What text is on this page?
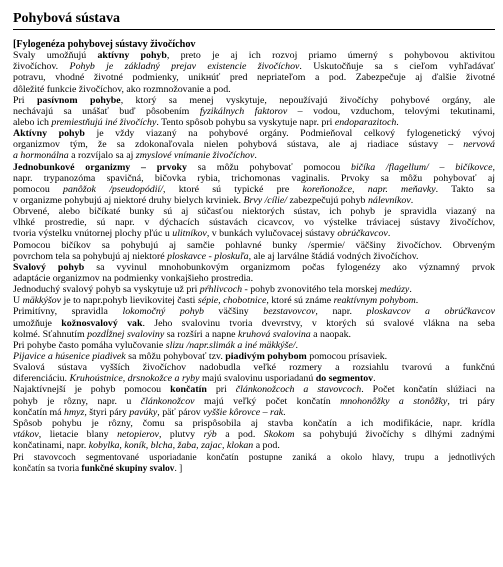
Pohybová sústava
[Fylogenéza pohybovej sústavy živočíchov
Svaly umožňujú aktívny pohyb, preto je aj ich rozvoj priamo úmerný s pohybovou aktivitou
živočíchov. Pohyb je základný prejav existencie živočíchov. Uskutočňuje sa s cieľom vyhľadávať
potravu, vhodné životné podmienky, unikнúť pred nepriateľom a pod. Zabezpečuje aj ďalšie životné
dôležité funkcie živočíchov, ako rozmnožovanie a pod.
Pri pasívnom pohybe, ktorý sa menej vyskytuje, nepoužívajú živočíchy pohybové orgány, ale
nechávajú sa unášať buď pôsobením fyzikálnych faktorov – vodou, vzduchom, telovými tekutinami,
alebo ich premiestňujú iné živočíchy. Tento spôsob pohybu sa vyskytuje napr. pri endoparazitoch.
Aktívny pohyb je vždy viazaný na pohybové orgány. Podmieňoval celkový fylogenetický vývoj
organizmov tým, že sa zdokonaľovala nielen pohybová sústava, ale aj riadiace sústavy – nervová
a hormonálna a rozvíjalo sa aj zmyslové vnímanie živočíchov.
Jednobunkové organizmy – prvoky sa môžu pohybovať pomocou bičíka /flagellum/ – bičíkovce,
napr. trypanozóma spavičná, bičovka rybia, trichomonas vaginalis. Prvoky sa môžu pohybovať aj
pomocou panôžok /pseudopódií/, ktoré sú typické pre koreňonožce, napr. meňavky. Takto sa
v organizme pohybujú aj niektoré druhy bielych krviniek. Brvy /cílie/ zabezpečujú pohyb nálevníkov.
Obrvené, alebo bičíkaté bunky sú aj súčasťou niektorých sústav, ich pohyb je spravidla viazaný na
vlhké prostredie, sú napr. v dýchacích sústavách cicavcov, vo výstelke tráviacej sústavy živočíchov,
tvoria výstelku vnútornej plochy pľúc u ulitníkov, v bunkách vylučovacej sústavy obrúčkavcov.
Pomocou bičíkov sa pohybujú aj samčie pohlavné bunky /spermie/ väčšiny živočíchov. Obrveným
povrchom tela sa pohybujú aj niektoré ploskavce - ploskuľa, ale aj larválne štádiá vodných živočíchov.
Svalový pohyb sa vyvinul mnohobunkovým organizmom počas fylogenézy ako významný prvok
adaptácie organizmov na podmienky vonkajšieho prostredia.
Jednoduchý svalový pohyb sa vyskytuje už pri pŕhlivcoch - pohyb zvonovitého tela morskej medúzy.
U mäkkýšov je to napr.pohyb lievikovitej časti sépie, chobotnice, ktoré sú známe reaktívnym pohybom.
Primitívny, spravidla lokomočný pohyb väčšiny bezstavovcov, napr. ploskavcov a obrúčkavcov
umožňuje kožnosvalový vak. Jeho svalovinu tvoria dvevrstvy, v ktorých sú svalové vlákna na seba
kolmé. Sťahnutím pozdĺžnej svaloviny sa rozšíri a napne kruhová svalovina a naopak.
Pri pohybe často pomáha vylučovanie slizu /napr.slimák a iné mäkkýše/.
Pijavice a húsenice piadivek sa môžu pohybovať tzv. piadivým pohybom pomocou prísaviek.
Svalová sústava vyšších živočíchov nadobudla veľké rozmery a rozsiahlu tvarovú a funkčnú
diferenciáciu. Kruhoústnice, drsnokožce a ryby majú svalovinu usporiadanú do segmentov.
Najaktívnejší je pohyb pomocou končatín pri článkonožcoch a stavovcoch. Počet končatín slúžiaci na
pohyb je rôzny, napr. u článkonožcov majú veľký počet končatín mnohonôžky a stonôžky, tri páry
končatín má hmyz, štyri páry pavúky, päť párov vyššie kôrovce – rak.
Spôsob pohybu je rôzny, čomu sa prispôsobila aj stavba končatín a ich modifikácie, napr. krídla
vtákov, lietacie blany netopierov, plutvy rýb a pod. Skokom sa pohybujú živočíchy s dlhými zadnými
končatinami, napr. kobylka, koník, blcha, žaba, zajac, klokan a pod.
Pri stavovcoch segmentované usporiadanie končatín postupne zaniká a okolo hlavy, trupu a jednotlivých
končatín sa tvoria funkčné skupiny svalov. ]
